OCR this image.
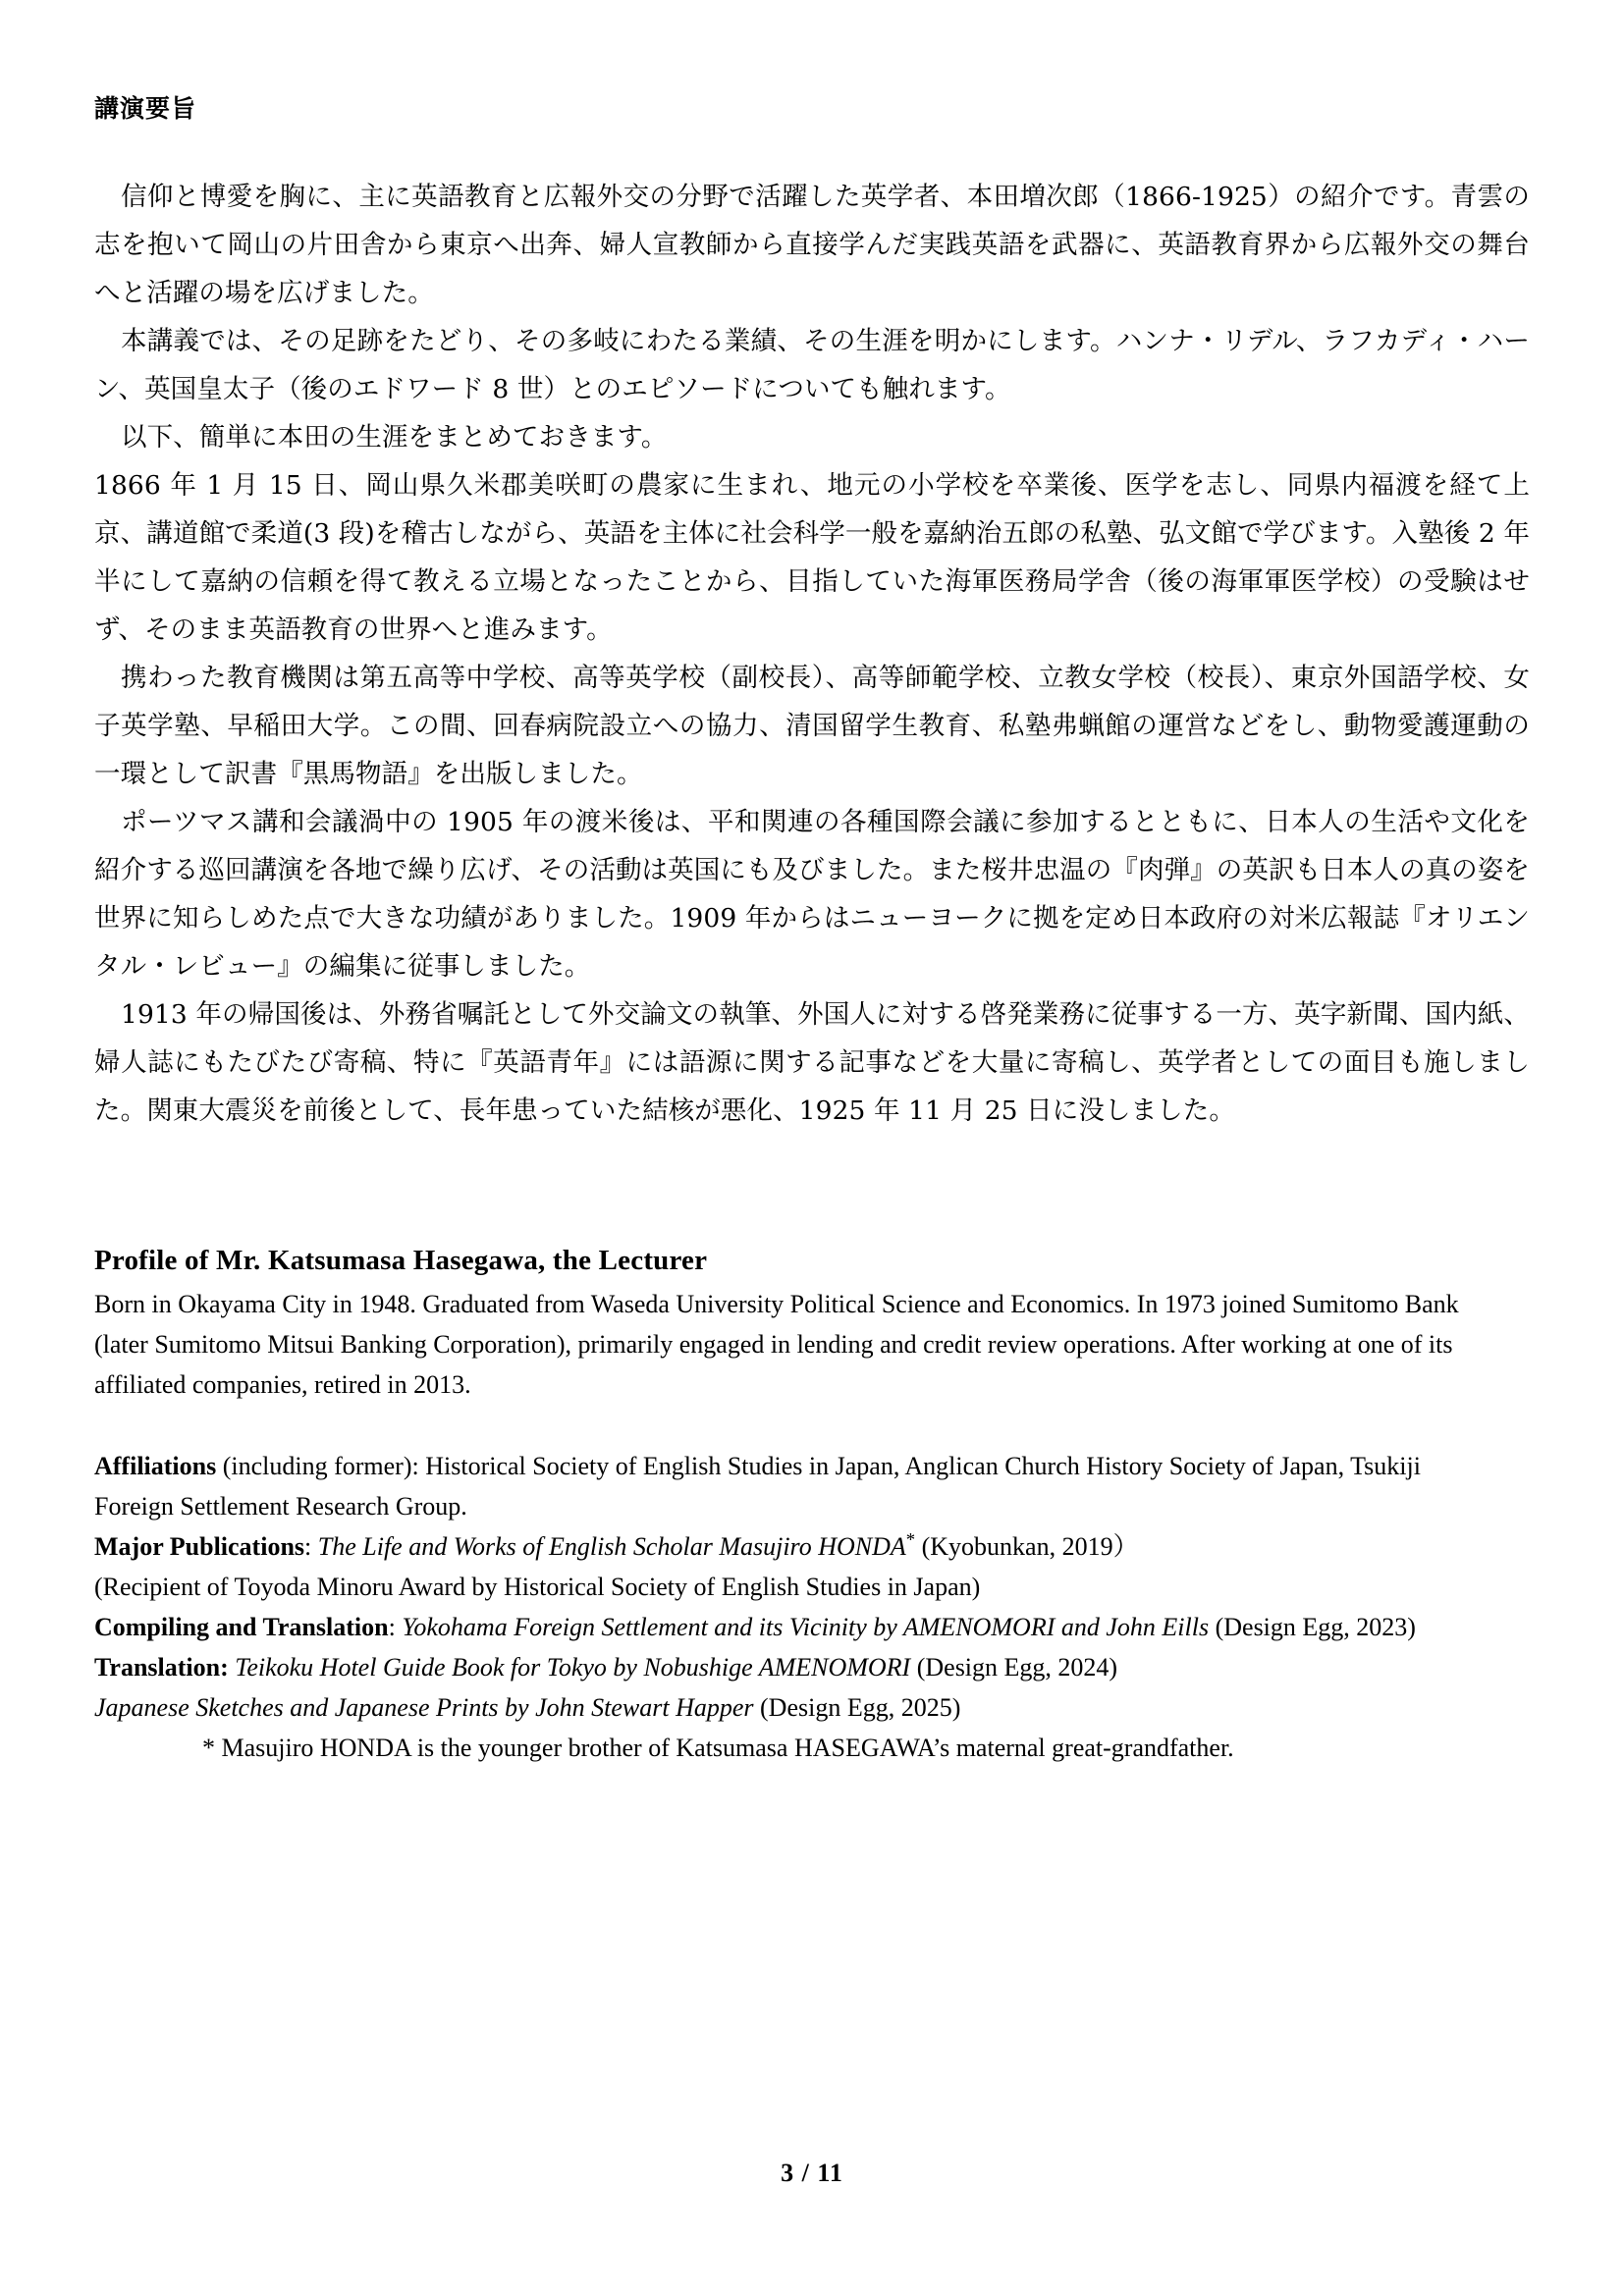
講演要旨

信仰と博愛を胸に、主に英語教育と広報外交の分野で活躍した英学者、本田増次郎（1866-1925）の紹介です。青雲の志を抱いて岡山の片田舎から東京へ出奔、婦人宣教師から直接学んだ実践英語を武器に、英語教育界から広報外交の舞台へと活躍の場を広げました。

本講義では、その足跡をたどり、その多岐にわたる業績、その生涯を明かにします。ハンナ・リデル、ラフカディ・ハーン、英国皇太子（後のエドワード 8 世）とのエピソードについても触れます。

以下、簡単に本田の生涯をまとめておきます。

1866 年 1 月 15 日、岡山県久米郡美咲町の農家に生まれ、地元の小学校を卒業後、医学を志し、同県内福渡を経て上京、講道館で柔道(3 段)を稽古しながら、英語を主体に社会科学一般を嘉納治五郎の私塾、弘文館で学びます。入塾後 2 年半にして嘉納の信頼を得て教える立場となったことから、目指していた海軍医務局学舎（後の海軍軍医学校）の受験はせず、そのまま英語教育の世界へと進みます。

携わった教育機関は第五高等中学校、高等英学校（副校長）、高等師範学校、立教女学校（校長）、東京外国語学校、女子英学塾、早稲田大学。この間、回春病院設立への協力、清国留学生教育、私塾弗蝋館の運営などをし、動物愛護運動の一環として訳書『黒馬物語』を出版しました。

ポーツマス講和会議渦中の 1905 年の渡米後は、平和関連の各種国際会議に参加するとともに、日本人の生活や文化を紹介する巡回講演を各地で繰り広げ、その活動は英国にも及びました。また桜井忠温の『肉弾』の英訳も日本人の真の姿を世界に知らしめた点で大きな功績がありました。1909 年からはニューヨークに拠を定め日本政府の対米広報誌『オリエンタル・レビュー』の編集に従事しました。

1913 年の帰国後は、外務省嘱託として外交論文の執筆、外国人に対する啓発業務に従事する一方、英字新聞、国内紙、婦人誌にもたびたび寄稿、特に『英語青年』には語源に関する記事などを大量に寄稿し、英学者としての面目も施しました。関東大震災を前後として、長年患っていた結核が悪化、1925 年 11 月 25 日に没しました。

Profile of Mr. Katsumasa Hasegawa, the Lecturer

Born in Okayama City in 1948. Graduated from Waseda University Political Science and Economics. In 1973 joined Sumitomo Bank (later Sumitomo Mitsui Banking Corporation), primarily engaged in lending and credit review operations. After working at one of its affiliated companies, retired in 2013.

Affiliations (including former): Historical Society of English Studies in Japan, Anglican Church History Society of Japan, Tsukiji Foreign Settlement Research Group.

Major Publications: The Life and Works of English Scholar Masujiro HONDA* (Kyobunkan, 2019）

(Recipient of Toyoda Minoru Award by Historical Society of English Studies in Japan)

Compiling and Translation: Yokohama Foreign Settlement and its Vicinity by AMENOMORI and John Eills (Design Egg, 2023)

Translation: Teikoku Hotel Guide Book for Tokyo by Nobushige AMENOMORI (Design Egg, 2024)

Japanese Sketches and Japanese Prints by John Stewart Happer (Design Egg, 2025)

* Masujiro HONDA is the younger brother of Katsumasa HASEGAWA’s maternal great-grandfather.

3 / 11
